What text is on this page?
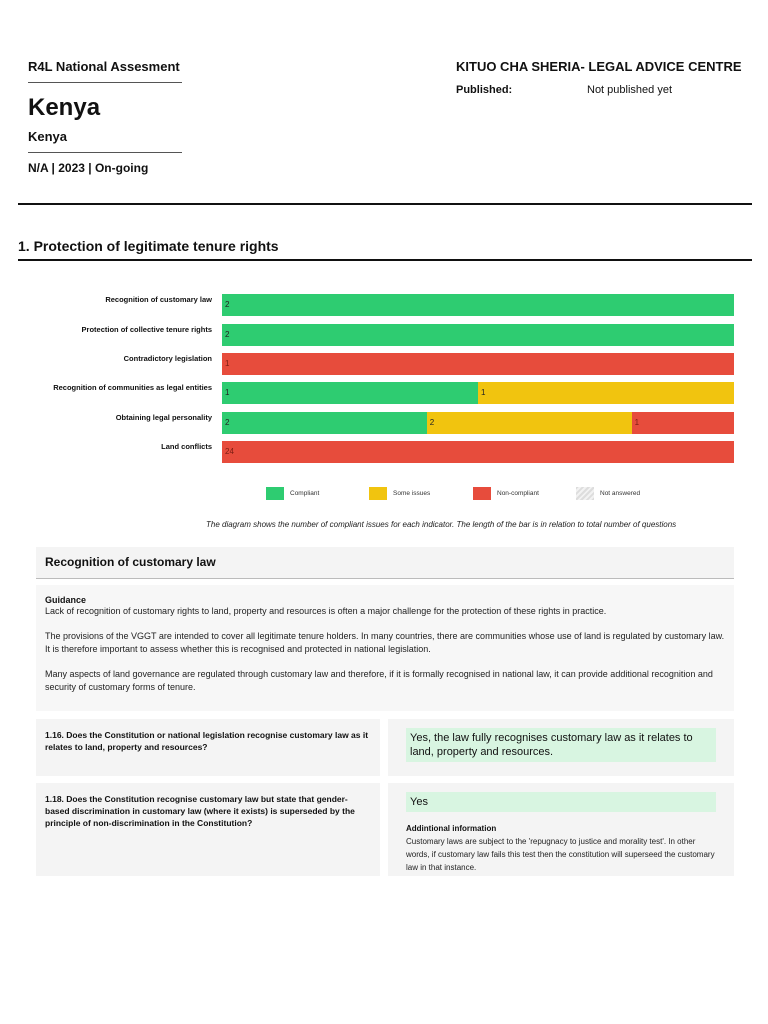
R4L National Assesment
Kenya
Kenya
N/A | 2023 | On-going
KITUO CHA SHERIA- LEGAL ADVICE CENTRE
Published:	Not published yet
1. Protection of legitimate tenure rights
Recognition of customary law
2
Protection of collective tenure rights
2
Contradictory legislation
1
Recognition of communities as legal entities
1	1
Obtaining legal personality
2	2	1
Land conflicts
24
Compliant	Some issues	Non-compliant	Not answered
The diagram shows the number of compliant issues for each indicator. The length of the bar is in relation to total number of questions
Recognition of customary law
Guidance
Lack of recognition of customary rights to land, property and resources is often a major challenge for the protection of these rights in practice.
The provisions of the VGGT are intended to cover all legitimate tenure holders. In many countries, there are communities whose use of land is regulated by customary law. It is therefore important to assess whether this is recognised and protected in national legislation.
Many aspects of land governance are regulated through customary law and therefore, if it is formally recognised in national law, it can provide additional recognition and security of customary forms of tenure.
1.16. Does the Constitution or national legislation recognise customary law as it relates to land, property and resources?
Yes, the law fully recognises customary law as it relates to land, property and resources.
1.18. Does the Constitution recognise customary law but state that gender-based discrimination in customary law (where it exists) is superseded by the principle of non-discrimination in the Constitution?
Yes
Addintional information
Customary laws are subject to the 'repugnacy to justice and morality test'. In other words, if customary law fails this test then the constitution will superseed the customary law in that instance.
